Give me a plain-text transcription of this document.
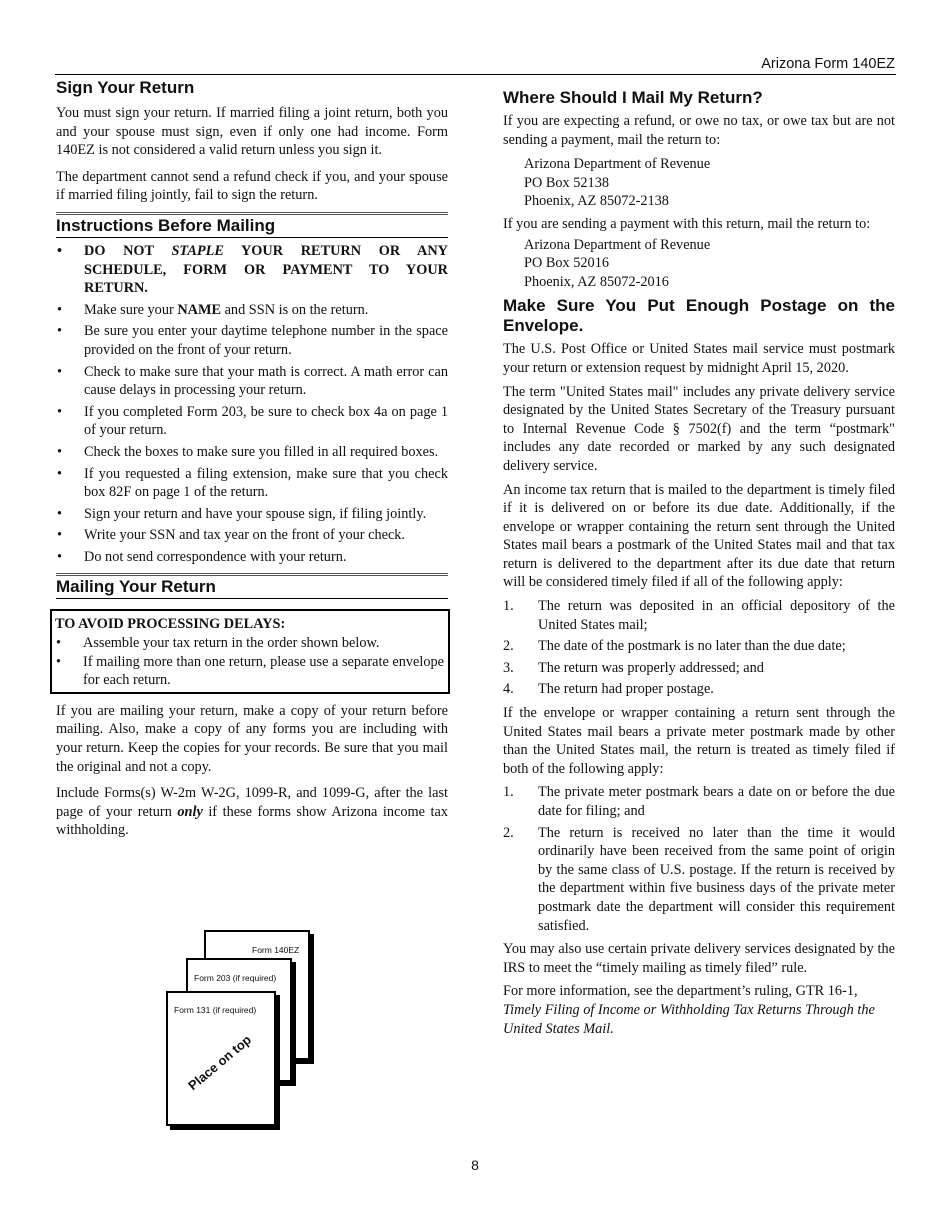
Arizona Form 140EZ
Sign Your Return

You must sign your return. If married filing a joint return, both you and your spouse must sign, even if only one had income. Form 140EZ is not considered a valid return unless you sign it.

The department cannot send a refund check if you, and your spouse if married filing jointly, fail to sign the return.

Instructions Before Mailing
• DO NOT STAPLE YOUR RETURN OR ANY SCHEDULE, FORM OR PAYMENT TO YOUR RETURN.
• Make sure your NAME and SSN is on the return.
• Be sure you enter your daytime telephone number in the space provided on the front of your return.
• Check to make sure that your math is correct. A math error can cause delays in processing your return.
• If you completed Form 203, be sure to check box 4a on page 1 of your return.
• Check the boxes to make sure you filled in all required boxes.
• If you requested a filing extension, make sure that you check box 82F on page 1 of the return.
• Sign your return and have your spouse sign, if filing jointly.
• Write your SSN and tax year on the front of your check.
• Do not send correspondence with your return.
Mailing Your Return

TO AVOID PROCESSING DELAYS:

• Assemble your tax return in the order shown below.
• If mailing more than one return, please use a separate envelope for each return.

If you are mailing your return, make a copy of your return before mailing. Also, make a copy of any forms you are including with your return. Keep the copies for your records. Be sure that you mail the original and not a copy.

Include Forms(s) W-2m W-2G, 1099-R, and 1099-G, after the last page of your return only if these forms show Arizona income tax withholding.

Form 140EZ
Form 203 (if required)
Form 131 (if required)
Place on top
Where Should I Mail My Return?

If you are expecting a refund, or owe no tax, or owe tax but are not sending a payment, mail the return to:

Arizona Department of Revenue
PO Box 52138
Phoenix, AZ 85072-2138

If you are sending a payment with this return, mail the return to:

Arizona Department of Revenue
PO Box 52016
Phoenix, AZ 85072-2016
Make Sure You Put Enough Postage on the Envelope.

The U.S. Post Office or United States mail service must postmark your return or extension request by midnight April 15, 2020.

The term "United States mail" includes any private delivery service designated by the United States Secretary of the Treasury pursuant to Internal Revenue Code § 7502(f) and the term “postmark" includes any date recorded or marked by any such designated delivery service.

An income tax return that is mailed to the department is timely filed if it is delivered on or before its due date. Additionally, if the envelope or wrapper containing the return sent through the United States mail bears a postmark of the United States mail and that tax return is delivered to the department after its due date that return will be considered timely filed if all of the following apply:

1. The return was deposited in an official depository of the United States mail;
2. The date of the postmark is no later than the due date;
3. The return was properly addressed; and
4. The return had proper postage.

If the envelope or wrapper containing a return sent through the United States mail bears a private meter postmark made by other than the United States mail, the return is treated as timely filed if both of the following apply:

1. The private meter postmark bears a date on or before the due date for filing; and
2. The return is received no later than the time it would ordinarily have been received from the same point of origin by the same class of U.S. postage. If the return is received by the department within five business days of the private meter postmark date the department will consider this requirement satisfied.

You may also use certain private delivery services designated by the IRS to meet the “timely mailing as timely filed” rule.

For more information, see the department’s ruling, GTR 16-1, Timely Filing of Income or Withholding Tax Returns Through the United States Mail.

8
